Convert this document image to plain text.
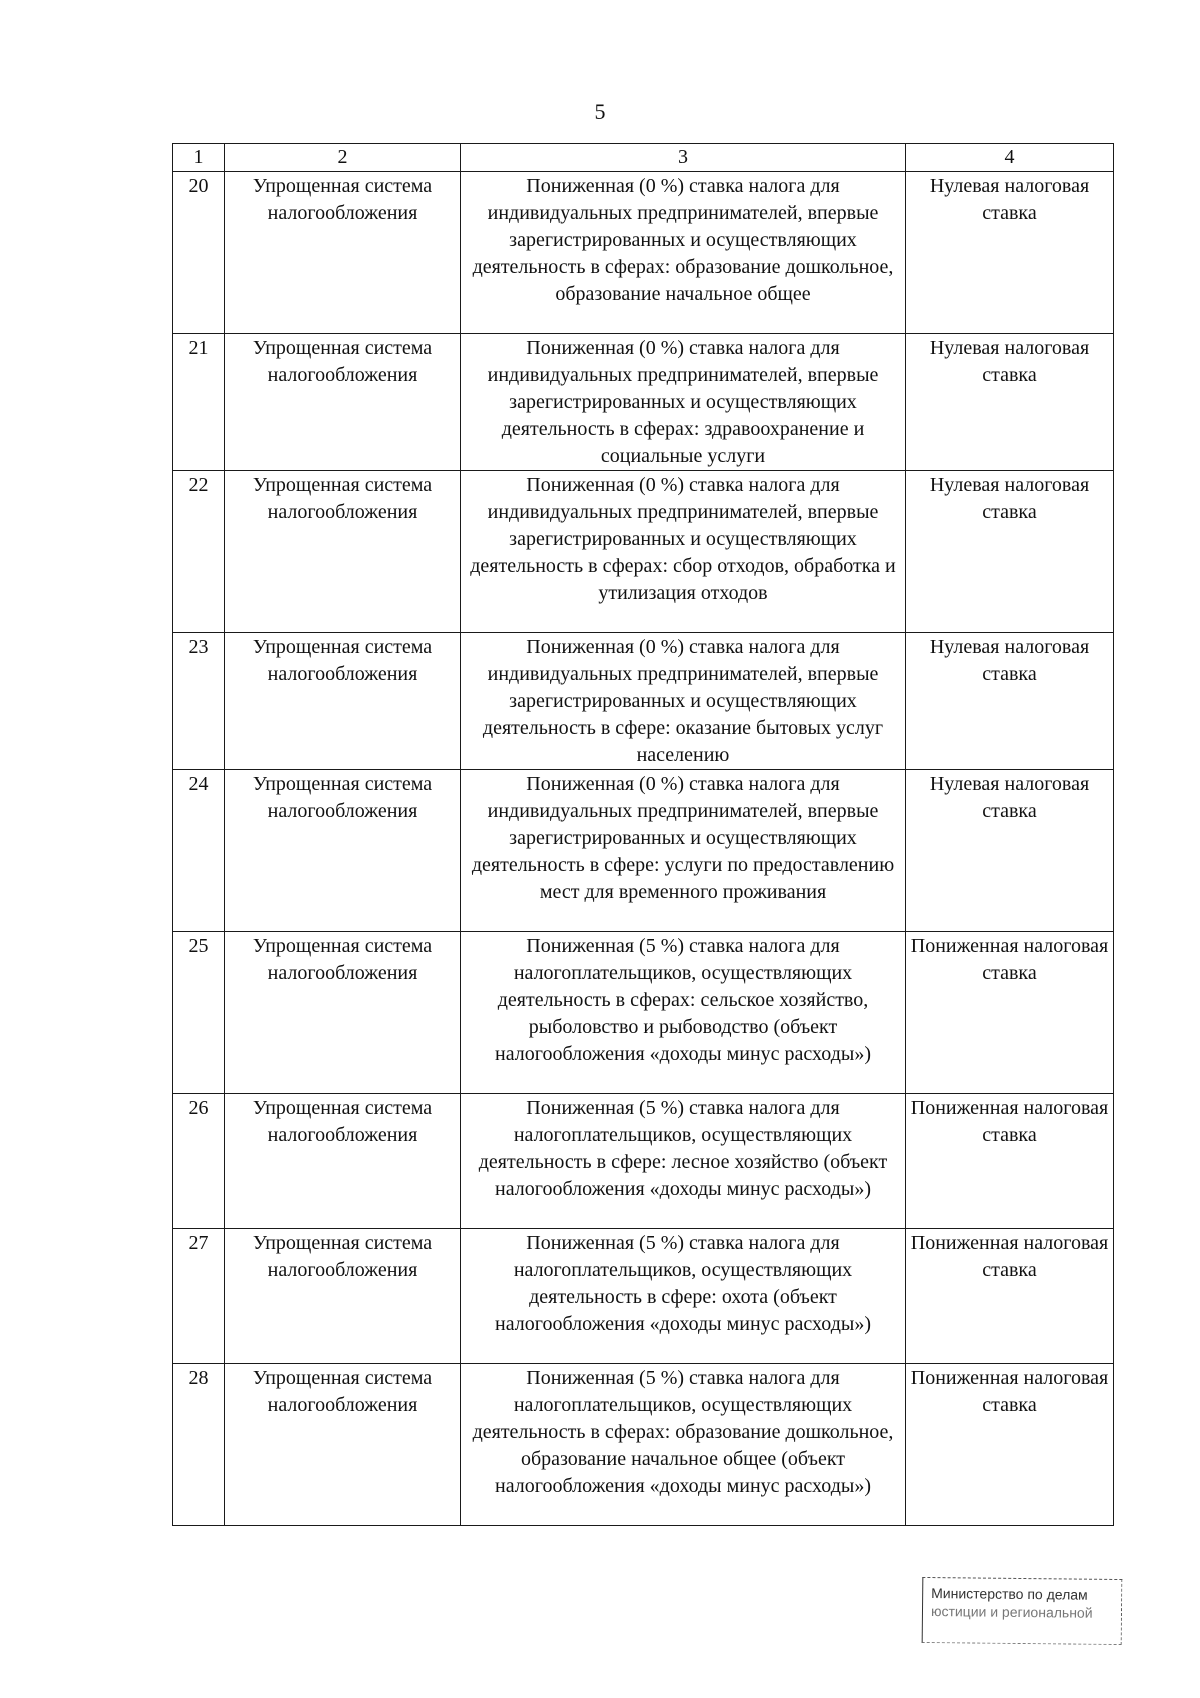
5
1	2	3	4
20	Упрощенная система налогообложения	Пониженная (0 %) ставка налога для индивидуальных предпринимателей, впервые зарегистрированных и осуществляющих деятельность в сферах: образование дошкольное, образование начальное общее	Нулевая налоговая ставка
21	Упрощенная система налогообложения	Пониженная (0 %) ставка налога для индивидуальных предпринимателей, впервые зарегистрированных и осуществляющих деятельность в сферах: здравоохранение и социальные услуги	Нулевая налоговая ставка
22	Упрощенная система налогообложения	Пониженная (0 %) ставка налога для индивидуальных предпринимателей, впервые зарегистрированных и осуществляющих деятельность в сферах: сбор отходов, обработка и утилизация отходов	Нулевая налоговая ставка
23	Упрощенная система налогообложения	Пониженная (0 %) ставка налога для индивидуальных предпринимателей, впервые зарегистрированных и осуществляющих деятельность в сфере: оказание бытовых услуг населению	Нулевая налоговая ставка
24	Упрощенная система налогообложения	Пониженная (0 %) ставка налога для индивидуальных предпринимателей, впервые зарегистрированных и осуществляющих деятельность в сфере: услуги по предоставлению мест для временного проживания	Нулевая налоговая ставка
25	Упрощенная система налогообложения	Пониженная (5 %) ставка налога для налогоплательщиков, осуществляющих деятельность в сферах: сельское хозяйство, рыболовство и рыбоводство (объект налогообложения «доходы минус расходы»)	Пониженная налоговая ставка
26	Упрощенная система налогообложения	Пониженная (5 %) ставка налога для налогоплательщиков, осуществляющих деятельность в сфере: лесное хозяйство (объект налогообложения «доходы минус расходы»)	Пониженная налоговая ставка
27	Упрощенная система налогообложения	Пониженная (5 %) ставка налога для налогоплательщиков, осуществляющих деятельность в сфере: охота (объект налогообложения «доходы минус расходы»)	Пониженная налоговая ставка
28	Упрощенная система налогообложения	Пониженная (5 %) ставка налога для налогоплательщиков, осуществляющих деятельность в сферах: образование дошкольное, образование начальное общее (объект налогообложения «доходы минус расходы»)	Пониженная налоговая ставка
Министерство по делам
юстиции и региональной
